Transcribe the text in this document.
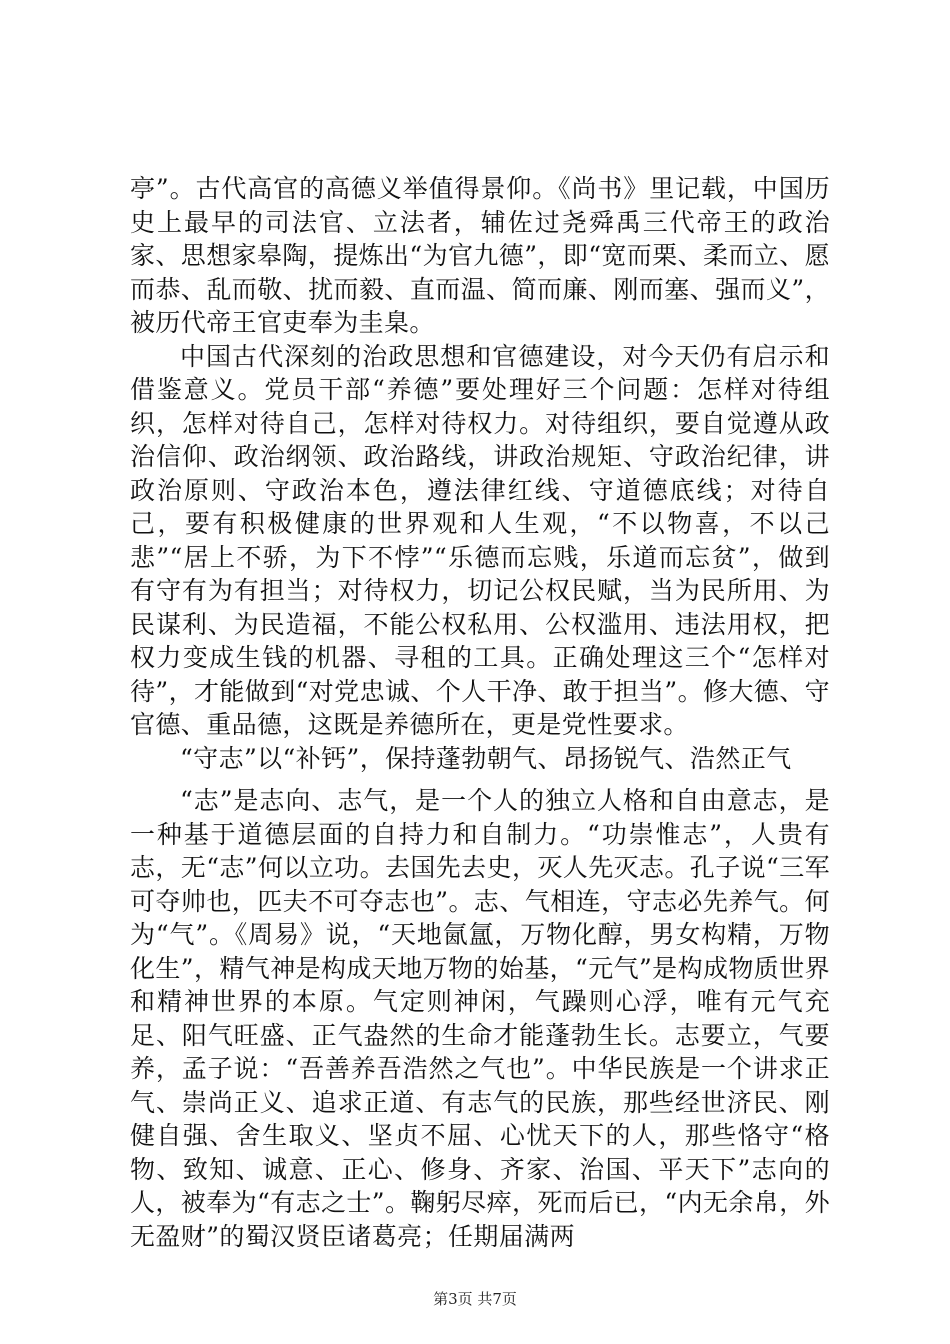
亭”。古代高官的高德义举值得景仰。《尚书》里记载，中国历史上最早的司法官、立法者，辅佐过尧舜禹三代帝王的政治家、思想家皋陶，提炼出“为官九德”，即“宽而栗、柔而立、愿而恭、乱而敬、扰而毅、直而温、简而廉、刚而塞、强而义”，被历代帝王官吏奉为圭臬。

中国古代深刻的治政思想和官德建设，对今天仍有启示和借鉴意义。党员干部“养德”要处理好三个问题：怎样对待组织，怎样对待自己，怎样对待权力。对待组织，要自觉遵从政治信仰、政治纲领、政治路线，讲政治规矩、守政治纪律，讲政治原则、守政治本色，遵法律红线、守道德底线；对待自己，要有积极健康的世界观和人生观，“不以物喜，不以己悲”“居上不骄，为下不悖”“乐德而忘贱，乐道而忘贫”，做到有守有为有担当；对待权力，切记公权民赋，当为民所用、为民谋利、为民造福，不能公权私用、公权滥用、违法用权，把权力变成生钱的机器、寻租的工具。正确处理这三个“怎样对待”，才能做到“对党忠诚、个人干净、敢于担当”。修大德、守官德、重品德，这既是养德所在，更是党性要求。

“守志”以“补钙”，保持蓬勃朝气、昂扬锐气、浩然正气

“志”是志向、志气，是一个人的独立人格和自由意志，是一种基于道德层面的自持力和自制力。“功崇惟志”，人贵有志，无“志”何以立功。去国先去史，灭人先灭志。孔子说“三军可夺帅也，匹夫不可夺志也”。志、气相连，守志必先养气。何为“气”。《周易》说，“天地氤氲，万物化醇，男女构精，万物化生”，精气神是构成天地万物的始基，“元气”是构成物质世界和精神世界的本原。气定则神闲，气躁则心浮，唯有元气充足、阳气旺盛、正气盎然的生命才能蓬勃生长。志要立，气要养，孟子说：“吾善养吾浩然之气也”。中华民族是一个讲求正气、崇尚正义、追求正道、有志气的民族，那些经世济民、刚健自强、舍生取义、坚贞不屈、心忧天下的人，那些恪守“格物、致知、诚意、正心、修身、齐家、治国、平天下”志向的人，被奉为“有志之士”。鞠躬尽瘁，死而后已，“内无余帛，外无盈财”的蜀汉贤臣诸葛亮；任期届满两

第3页 共7页
